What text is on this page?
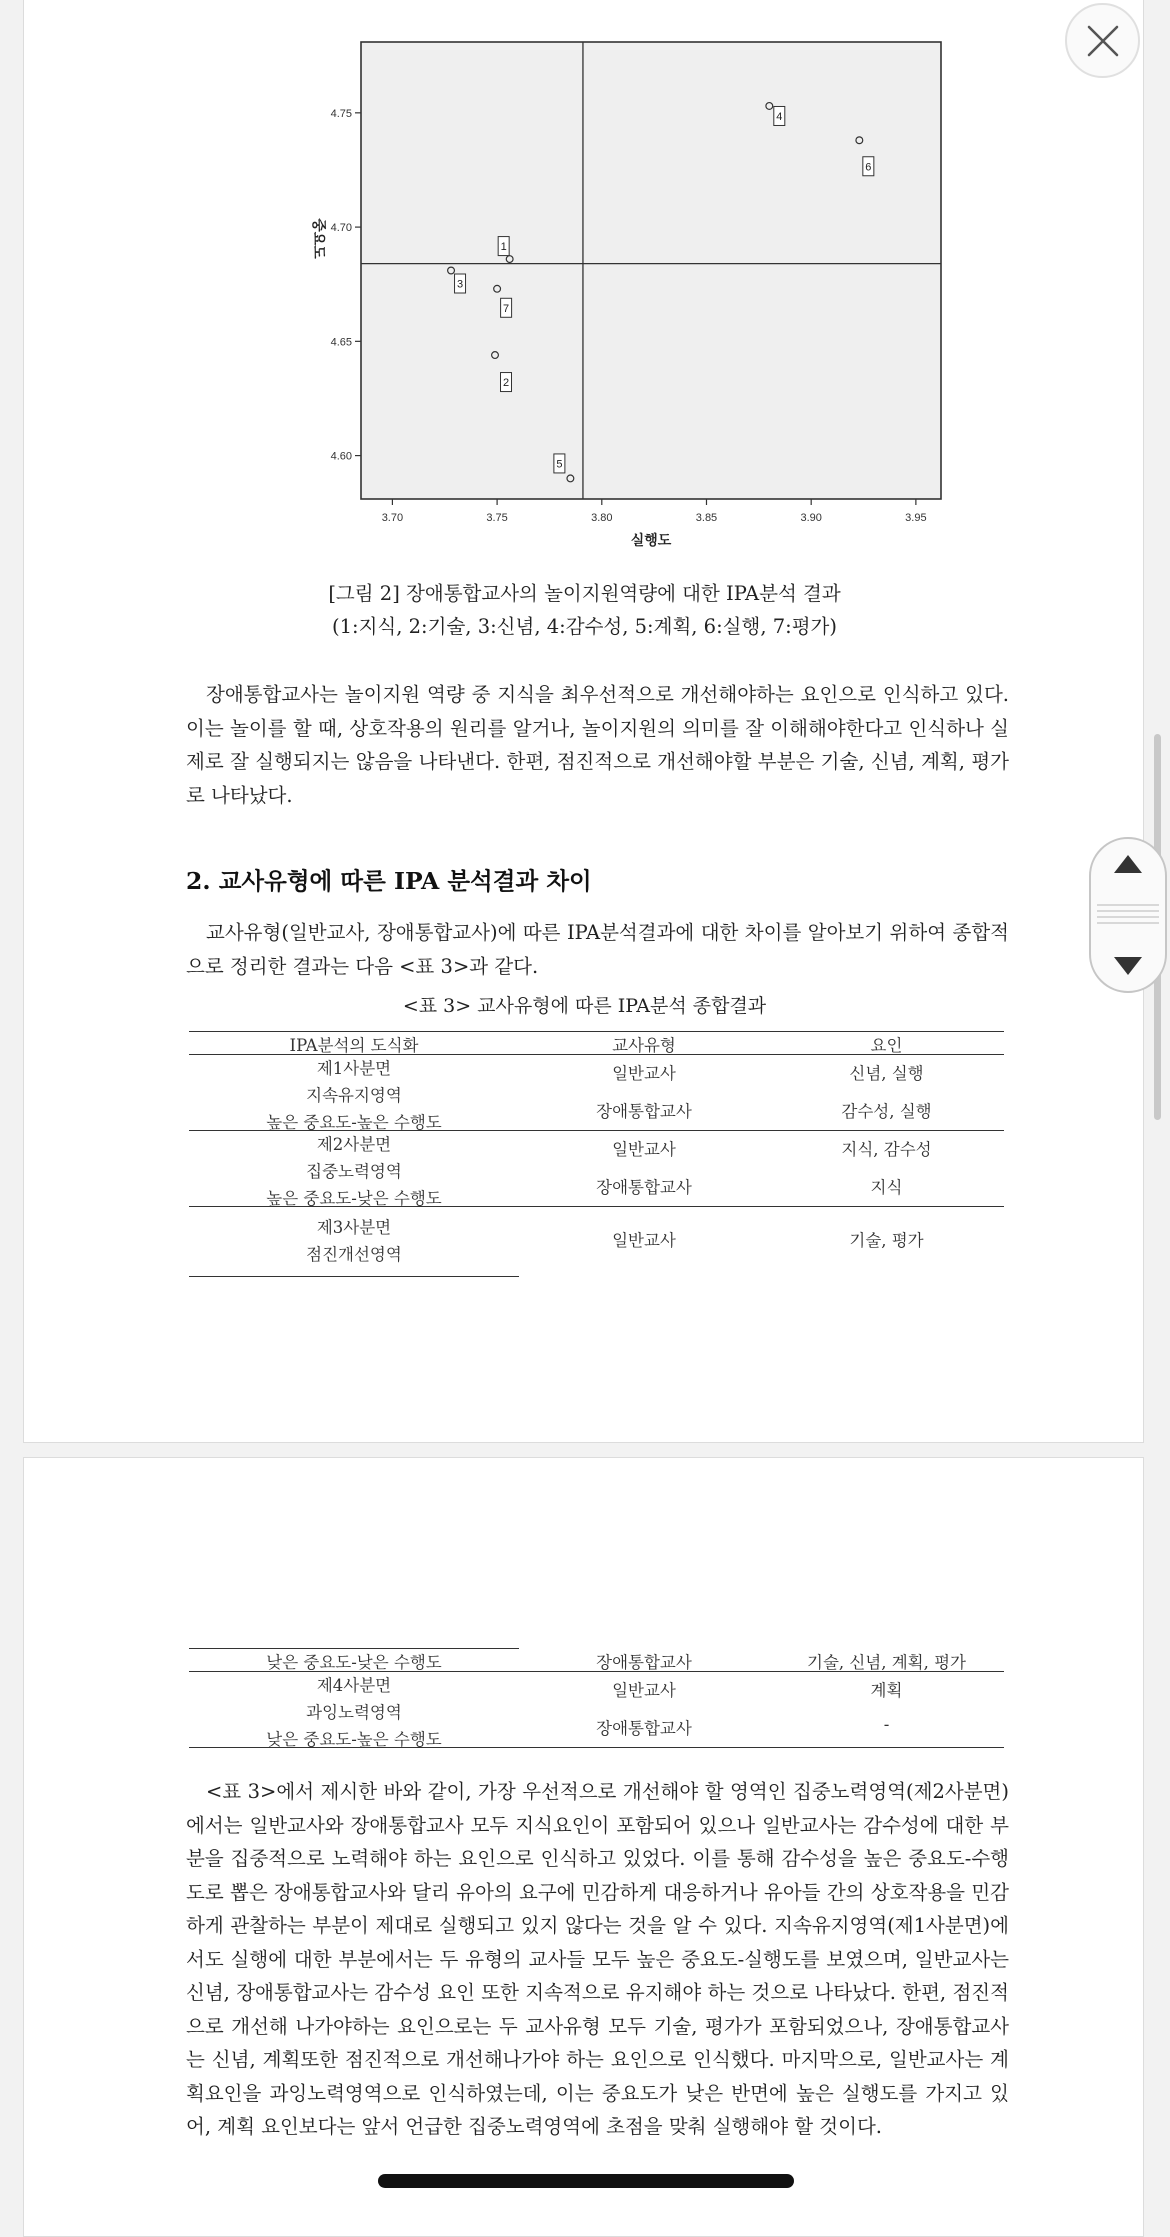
3.70	3.75	3.80	3.85	3.90	3.95
4.60
4.65
4.70
4.75
실행도
중요도	1
2
3
4
5
6
7
[그림 2] 장애통합교사의 놀이지원역량에 대한 IPA분석 결과
(1:지식, 2:기술, 3:신념, 4:감수성, 5:계획, 6:실행, 7:평가)
장애통합교사는 놀이지원 역량 중 지식을 최우선적으로 개선해야하는 요인으로 인식하고 있다. 이는 놀이를 할 때, 상호작용의 원리를 알거나, 놀이지원의 의미를 잘 이해해야한다고 인식하나 실제로 잘 실행되지는 않음을 나타낸다. 한편, 점진적으로 개선해야할 부분은 기술, 신념, 계획, 평가로 나타났다.
2. 교사유형에 따른 IPA 분석결과 차이
교사유형(일반교사, 장애통합교사)에 따른 IPA분석결과에 대한 차이를 알아보기 위하여 종합적으로 정리한 결과는 다음 <표 3>과 같다.
<표 3> 교사유형에 따른 IPA분석 종합결과
IPA분석의 도식화	교사유형	요인
제1사분면
지속유지영역
높은 중요도-높은 수행도
일반교사	신념, 실행
장애통합교사	감수성, 실행
제2사분면
집중노력영역
높은 중요도-낮은 수행도
일반교사	지식, 감수성
장애통합교사	지식
제3사분면
점진개선영역
일반교사	기술, 평가
낮은 중요도-낮은 수행도	장애통합교사	기술, 신념, 계획, 평가
제4사분면
과잉노력영역
낮은 중요도-높은 수행도
일반교사	계획
장애통합교사	-
<표 3>에서 제시한 바와 같이, 가장 우선적으로 개선해야 할 영역인 집중노력영역(제2사분면)에서는 일반교사와 장애통합교사 모두 지식요인이 포함되어 있으나 일반교사는 감수성에 대한 부분을 집중적으로 노력해야 하는 요인으로 인식하고 있었다. 이를 통해 감수성을 높은 중요도-수행도로 뽑은 장애통합교사와 달리 유아의 요구에 민감하게 대응하거나 유아들 간의 상호작용을 민감하게 관찰하는 부분이 제대로 실행되고 있지 않다는 것을 알 수 있다. 지속유지영역(제1사분면)에서도 실행에 대한 부분에서는 두 유형의 교사들 모두 높은 중요도-실행도를 보였으며, 일반교사는 신념, 장애통합교사는 감수성 요인 또한 지속적으로 유지해야 하는 것으로 나타났다. 한편, 점진적으로 개선해 나가야하는 요인으로는 두 교사유형 모두 기술, 평가가 포함되었으나, 장애통합교사는 신념, 계획또한 점진적으로 개선해나가야 하는 요인으로 인식했다. 마지막으로, 일반교사는 계획요인을 과잉노력영역으로 인식하였는데, 이는 중요도가 낮은 반면에 높은 실행도를 가지고 있어, 계획 요인보다는 앞서 언급한 집중노력영역에 초점을 맞춰 실행해야 할 것이다.
